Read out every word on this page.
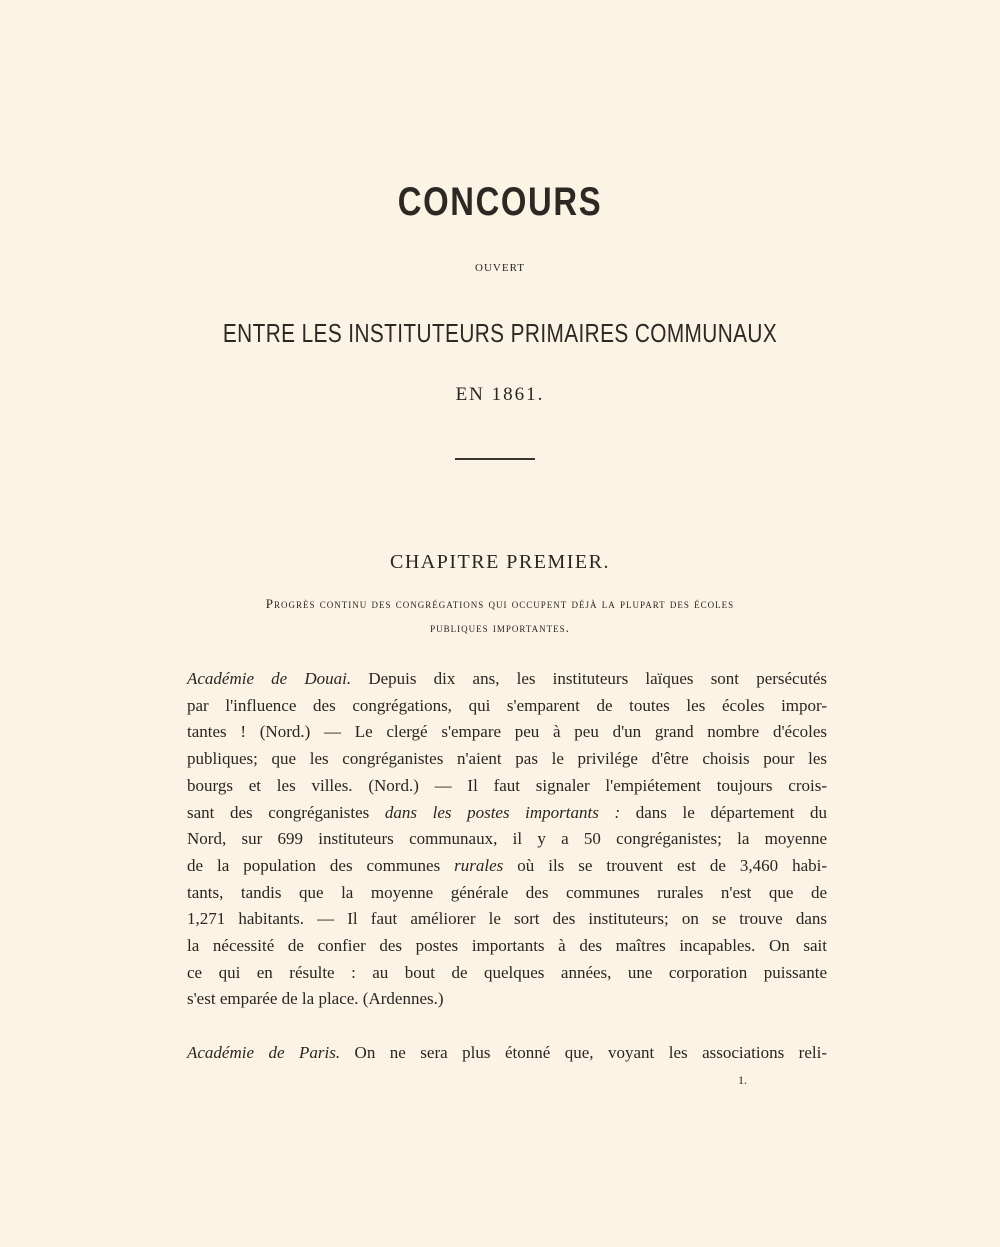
CONCOURS
OUVERT
ENTRE LES INSTITUTEURS PRIMAIRES COMMUNAUX
EN 1861.
CHAPITRE PREMIER.
Progrès continu des congrégations qui occupent déjà la plupart des écoles
publiques importantes.
Académie de Douai. Depuis dix ans, les instituteurs laïques sont persécutés
par l'influence des congrégations, qui s'emparent de toutes les écoles impor-
tantes ! (Nord.) — Le clergé s'empare peu à peu d'un grand nombre d'écoles
publiques; que les congréganistes n'aient pas le privilége d'être choisis pour les
bourgs et les villes. (Nord.) — Il faut signaler l'empiétement toujours crois-
sant des congréganistes dans les postes importants : dans le département du
Nord, sur 699 instituteurs communaux, il y a 50 congréganistes; la moyenne
de la population des communes rurales où ils se trouvent est de 3,460 habi-
tants, tandis que la moyenne générale des communes rurales n'est que de
1,271 habitants. — Il faut améliorer le sort des instituteurs; on se trouve dans
la nécessité de confier des postes importants à des maîtres incapables. On sait
ce qui en résulte : au bout de quelques années, une corporation puissante
s'est emparée de la place. (Ardennes.)
Académie de Paris. On ne sera plus étonné que, voyant les associations reli-
1.
